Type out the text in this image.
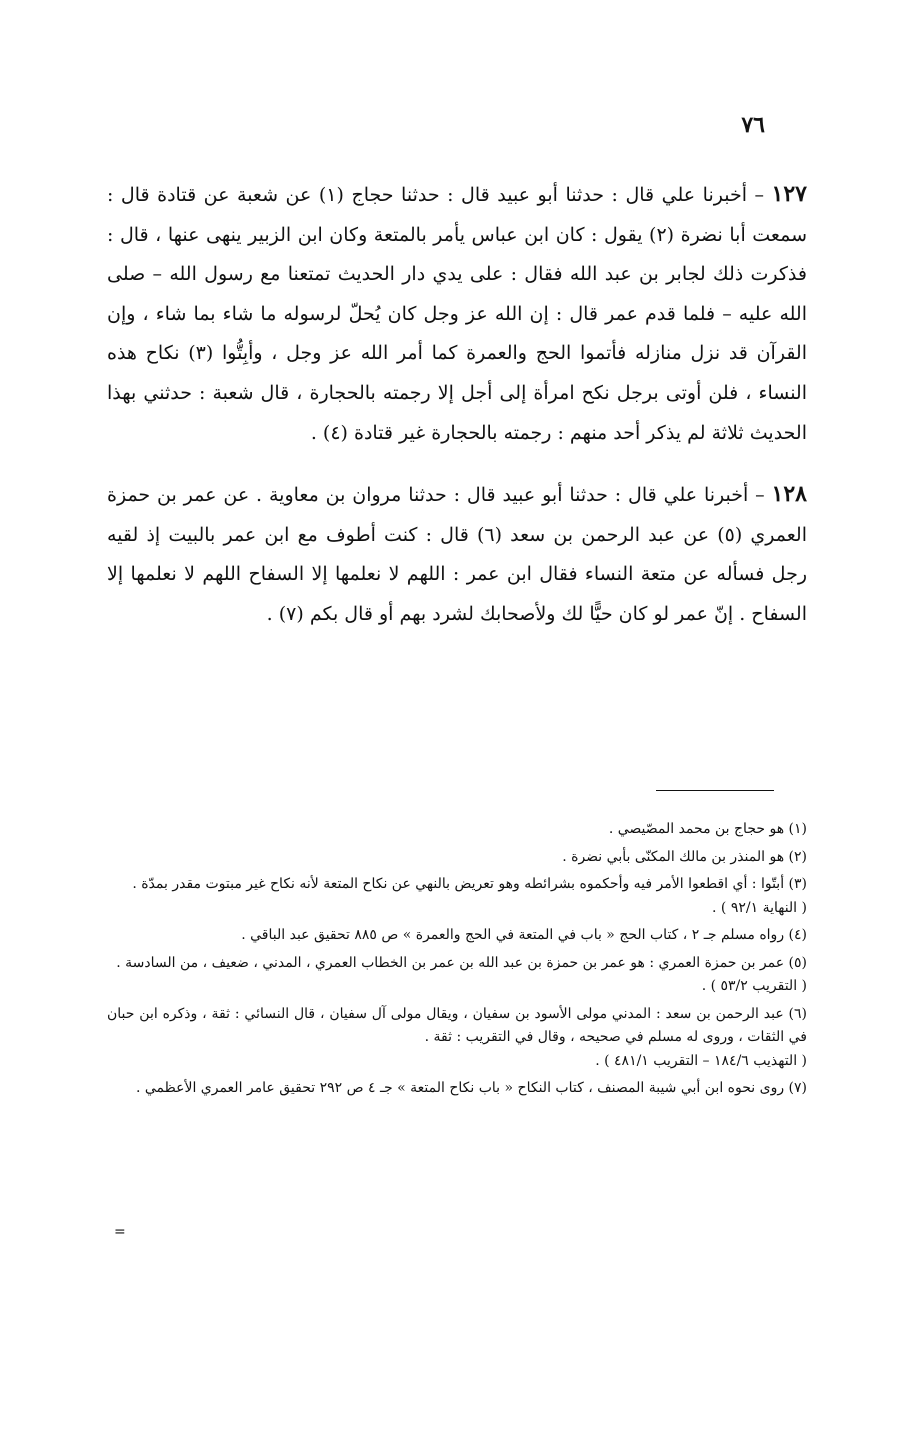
٧٦

١٢٧ – أخبرنا علي قال : حدثنا أبو عبيد قال : حدثنا حجاج (١) عن شعبة عن قتادة قال : سمعت أبا نضرة (٢) يقول : كان ابن عباس يأمر بالمتعة وكان ابن الزبير ينهى عنها ، قال : فذكرت ذلك لجابر بن عبد الله فقال : على يدي دار الحديث تمتعنا مع رسول الله – صلى الله عليه – فلما قدم عمر قال : إن الله عز وجل كان يُحلّ لرسوله ما شاء بما شاء ، وإن القرآن قد نزل منازله فأتموا الحج والعمرة كما أمر الله عز وجل ، وأبِتُّوا (٣) نكاح هذه النساء ، فلن أوتى برجل نكح امرأة إلى أجل إلا رجمته بالحجارة ، قال شعبة : حدثني بهذا الحديث ثلاثة لم يذكر أحد منهم : رجمته بالحجارة غير قتادة (٤) .

١٢٨ – أخبرنا علي قال : حدثنا أبو عبيد قال : حدثنا مروان بن معاوية . عن عمر بن حمزة العمري (٥) عن عبد الرحمن بن سعد (٦) قال : كنت أطوف مع ابن عمر بالبيت إذ لقيه رجل فسأله عن متعة النساء فقال ابن عمر : اللهم لا نعلمها إلا السفاح اللهم لا نعلمها إلا السفاح . إنّ عمر لو كان حيًّا لك ولأصحابك لشرد بهم أو قال بكم (٧) .

(١) هو حجاج بن محمد المصّيصي .

(٢) هو المنذر بن مالك المكنّى بأبي نضرة .

(٣) أبتّوا : أي اقطعوا الأمر فيه وأحكموه بشرائطه وهو تعريض بالنهي عن نكاح المتعة لأنه نكاح غير مبتوت مقدر بمدّة .

( النهاية ٩٢/١ ) .

(٤) رواه مسلم جـ ٢ ، كتاب الحج « باب في المتعة في الحج والعمرة » ص ٨٨٥ تحقيق عبد الباقي .

(٥) عمر بن حمزة العمري : هو عمر بن حمزة بن عبد الله بن عمر بن الخطاب العمري ، المدني ، ضعيف ، من السادسة .

( التقريب ٥٣/٢ ) .

(٦) عبد الرحمن بن سعد : المدني مولى الأسود بن سفيان ، ويقال مولى آل سفيان ، قال النسائي : ثقة ، وذكره ابن حبان في الثقات ، وروى له مسلم في صحيحه ، وقال في التقريب : ثقة .

( التهذيب ١٨٤/٦ – التقريب ٤٨١/١ ) .

(٧) روى نحوه ابن أبي شيبة المصنف ، كتاب النكاح « باب نكاح المتعة » جـ ٤ ص ٢٩٢ تحقيق عامر العمري الأعظمي .

=
